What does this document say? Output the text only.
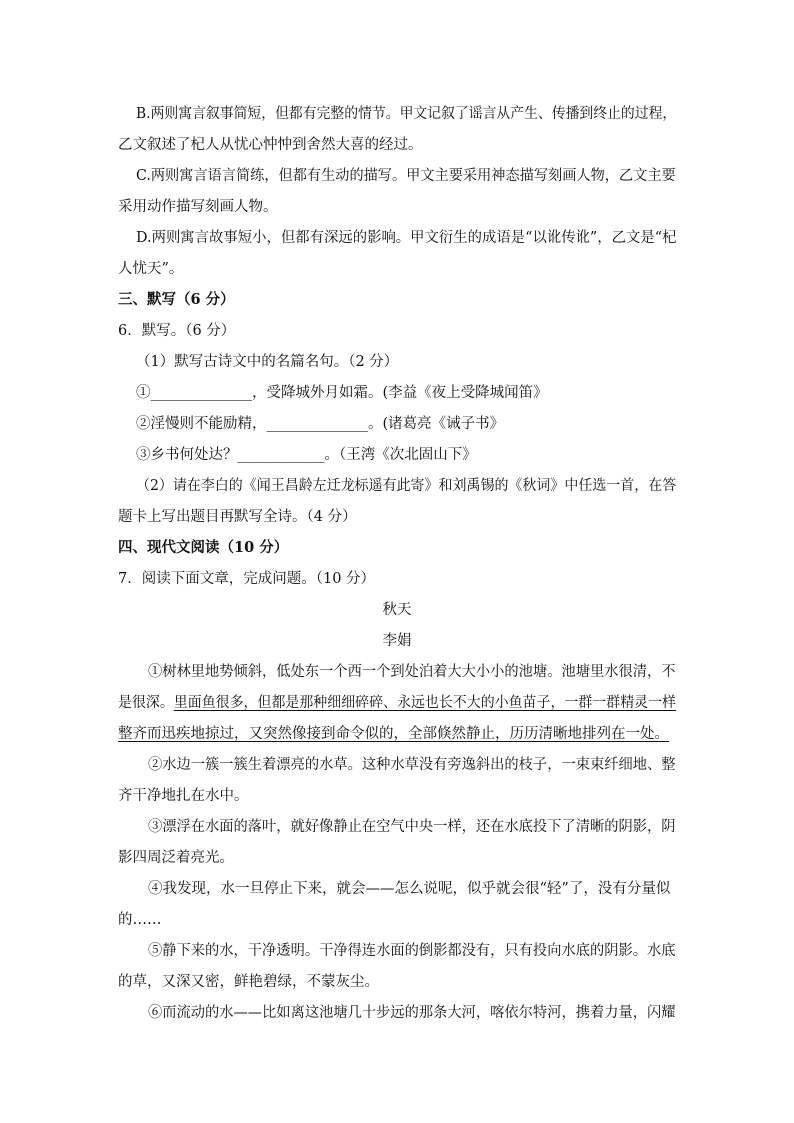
B.两则寓言叙事简短，但都有完整的情节。甲文记叙了谣言从产生、传播到终止的过程，
乙文叙述了杞人从忧心忡忡到舍然大喜的经过。
C.两则寓言语言简练，但都有生动的描写。甲文主要采用神态描写刻画人物，乙文主要
采用动作描写刻画人物。
D.两则寓言故事短小，但都有深远的影响。甲文衍生的成语是“以讹传讹”，乙文是“杞
人忧天”。
三、默写（6 分）
6．默写。（6 分）
（1）默写古诗文中的名篇名句。（2 分）
①______________，受降城外月如霜。(李益《夜上受降城闻笛》
②淫慢则不能励精，______________。(诸葛亮《诫子书》
③乡书何处达？____________。（王湾《次北固山下》
（2）请在李白的《闻王昌龄左迁龙标遥有此寄》和刘禹锡的《秋词》中任选一首，在答
题卡上写出题目再默写全诗。（4 分）
四、现代文阅读（10 分）
7．阅读下面文章，完成问题。（10 分）
秋天
李娟
①树林里地势倾斜，低处东一个西一个到处泊着大大小小的池塘。池塘里水很清，不
是很深。里面鱼很多，但都是那种细细碎碎、永远也长不大的小鱼苗子，一群一群精灵一样
整齐而迅疾地掠过，又突然像接到命令似的，全部倏然静止，历历清晰地排列在一处。
②水边一簇一簇生着漂亮的水草。这种水草没有旁逸斜出的枝子，一束束纤细地、整
齐干净地扎在水中。
③漂浮在水面的落叶，就好像静止在空气中央一样，还在水底投下了清晰的阴影，阴
影四周泛着亮光。
④我发现，水一旦停止下来，就会——怎么说呢，似乎就会很“轻”了，没有分量似
的……
⑤静下来的水，干净透明。干净得连水面的倒影都没有，只有投向水底的阴影。水底
的草，又深又密，鲜艳碧绿，不蒙灰尘。
⑥而流动的水——比如离这池塘几十步远的那条大河，喀依尔特河，携着力量，闪耀
